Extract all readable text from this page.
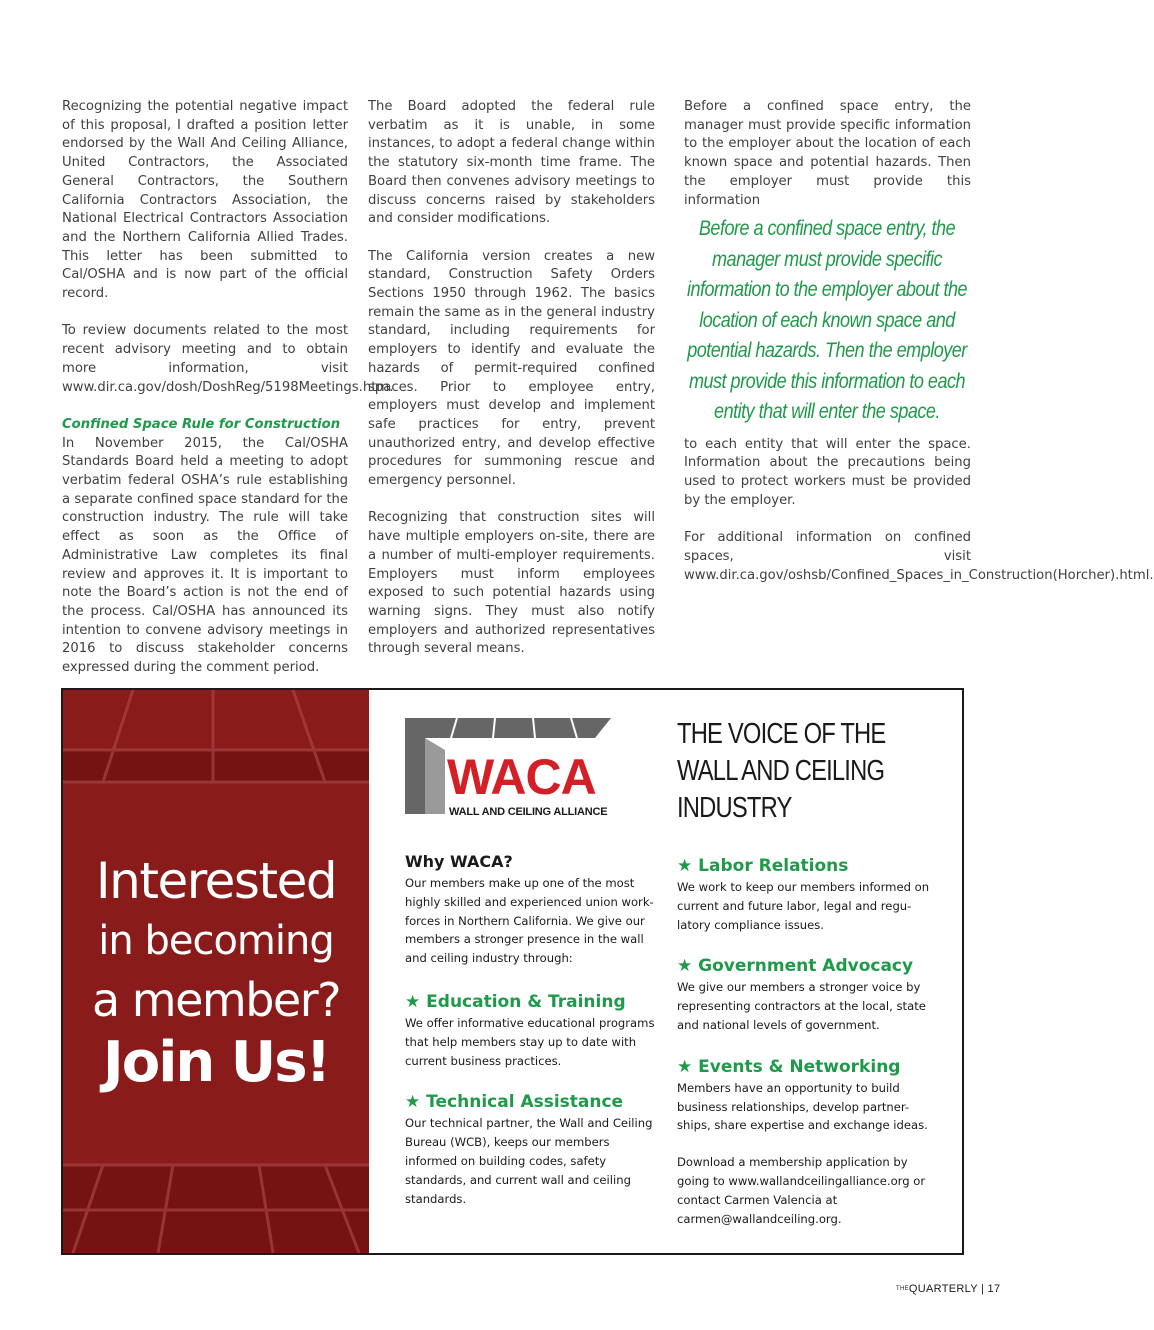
Recognizing the potential negative impact of this proposal, I drafted a position letter endorsed by the Wall And Ceiling Alliance, United Contractors, the Associated General Contractors, the Southern California Contractors Association, the National Electrical Contractors Association and the Northern California Allied Trades. This letter has been submitted to Cal/OSHA and is now part of the official record.

To review documents related to the most recent advisory meeting and to obtain more information, visit www.dir.ca.gov/dosh/DoshReg/5198Meetings.htm.

Confined Space Rule for Construction

In November 2015, the Cal/OSHA Standards Board held a meeting to adopt verbatim federal OSHA’s rule establishing a separate confined space standard for the construction industry. The rule will take effect as soon as the Office of Administrative Law completes its final review and approves it. It is important to note the Board’s action is not the end of the process. Cal/OSHA has announced its intention to convene advisory meetings in 2016 to discuss stakeholder concerns expressed during the comment period.

The Board adopted the federal rule verbatim as it is unable, in some instances, to adopt a federal change within the statutory six-month time frame. The Board then convenes advisory meetings to discuss concerns raised by stakeholders and consider modifications.

The California version creates a new standard, Construction Safety Orders Sections 1950 through 1962. The basics remain the same as in the general industry standard, including requirements for employers to identify and evaluate the hazards of permit-required confined spaces. Prior to employee entry, employers must develop and implement safe practices for entry, prevent unauthorized entry, and develop effective procedures for summoning rescue and emergency personnel.

Recognizing that construction sites will have multiple employers on-site, there are a number of multi-employer requirements. Employers must inform employees exposed to such potential hazards using warning signs. They must also notify employers and authorized representatives through several means.

Before a confined space entry, the manager must provide specific information to the employer about the location of each known space and potential hazards. Then the employer must provide this information

Before a confined space entry, the manager must provide specific information to the employer about the location of each known space and potential hazards. Then the employer must provide this information to each entity that will enter the space.

to each entity that will enter the space. Information about the precautions being used to protect workers must be provided by the employer.

For additional information on confined spaces, visit www.dir.ca.gov/oshsb/Confined_Spaces_in_Construction(Horcher).html.

Interested
in becoming
a member?
Join Us!
WACA
WALL AND CEILING ALLIANCE
THE VOICE OF THE WALL AND CEILING INDUSTRY
Why WACA?

Our members make up one of the most highly skilled and experienced union work-forces in Northern California. We give our members a stronger presence in the wall and ceiling industry through:

★ Education & Training

We offer informative educational programs that help members stay up to date with current business practices.

★ Technical Assistance

Our technical partner, the Wall and Ceiling Bureau (WCB), keeps our members informed on building codes, safety standards, and current wall and ceiling standards.

★ Labor Relations

We work to keep our members informed on current and future labor, legal and regu-latory compliance issues.

★ Government Advocacy

We give our members a stronger voice by representing contractors at the local, state and national levels of government.

★ Events & Networking

Members have an opportunity to build business relationships, develop partner-ships, share expertise and exchange ideas.

Download a membership application by going to www.wallandceilingalliance.org or contact Carmen Valencia at carmen@wallandceiling.org.

THEQUARTERLY | 17
